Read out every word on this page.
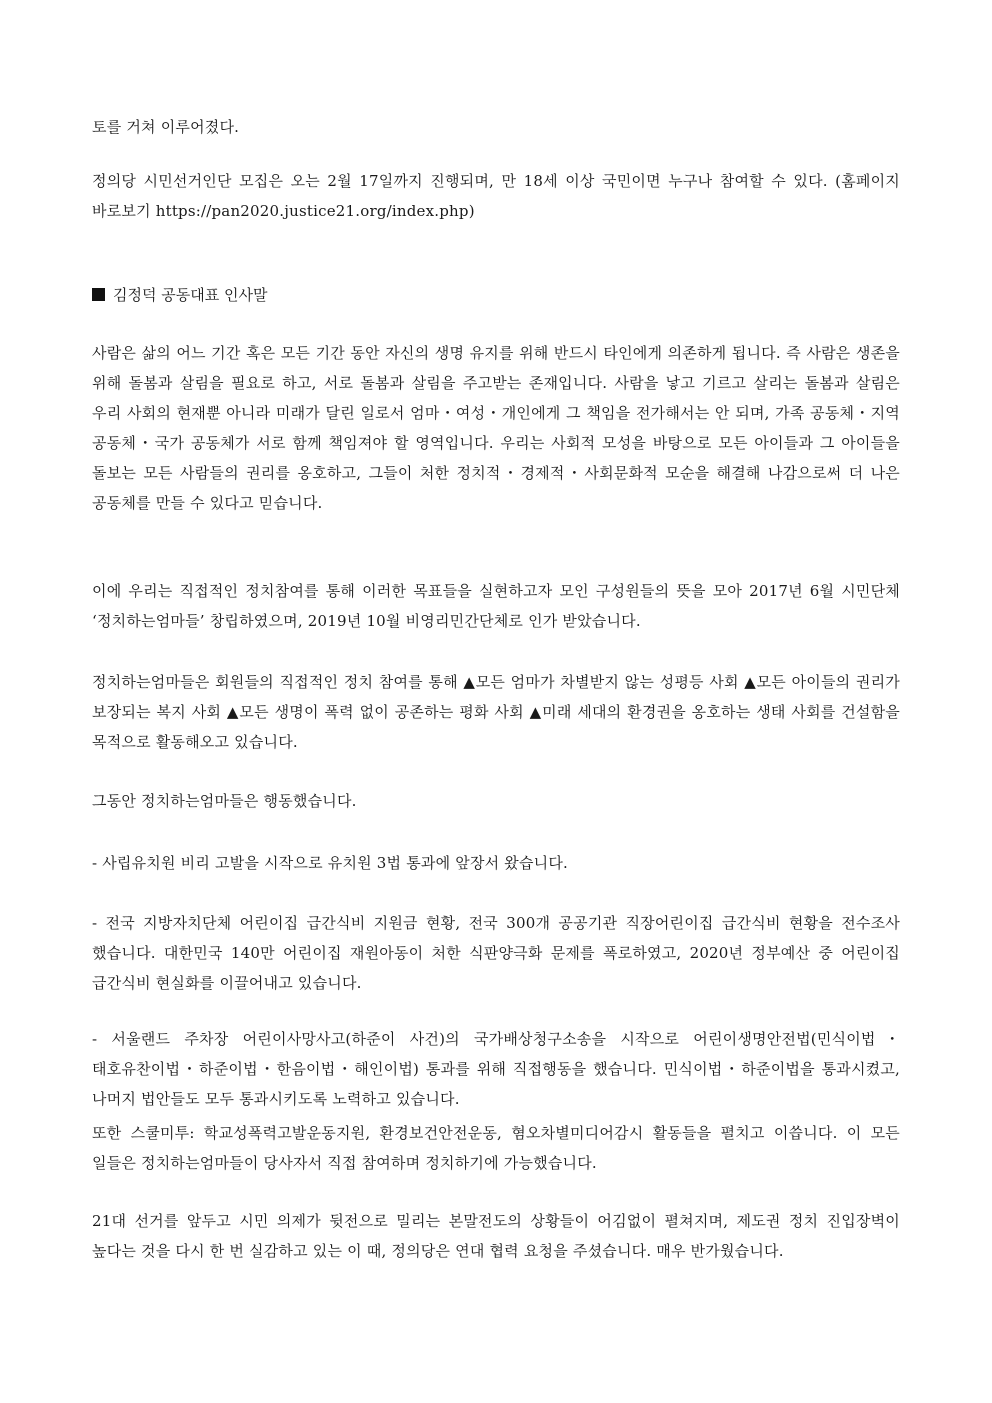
토를 거쳐 이루어졌다.

정의당 시민선거인단 모집은 오는 2월 17일까지 진행되며, 만 18세 이상 국민이면 누구나 참여할 수 있다. (홈페이지 바로보기 https://pan2020.justice21.org/index.php)

김정덕 공동대표 인사말

사람은 삶의 어느 기간 혹은 모든 기간 동안 자신의 생명 유지를 위해 반드시 타인에게 의존하게 됩니다. 즉 사람은 생존을 위해 돌봄과 살림을 필요로 하고, 서로 돌봄과 살림을 주고받는 존재입니다. 사람을 낳고 기르고 살리는 돌봄과 살림은 우리 사회의 현재뿐 아니라 미래가 달린 일로서 엄마・여성・개인에게 그 책임을 전가해서는 안 되며, 가족 공동체・지역 공동체・국가 공동체가 서로 함께 책임져야 할 영역입니다. 우리는 사회적 모성을 바탕으로 모든 아이들과 그 아이들을 돌보는 모든 사람들의 권리를 옹호하고, 그들이 처한 정치적・경제적・사회문화적 모순을 해결해 나감으로써 더 나은 공동체를 만들 수 있다고 믿습니다.

이에 우리는 직접적인 정치참여를 통해 이러한 목표들을 실현하고자 모인 구성원들의 뜻을 모아 2017년 6월 시민단체 ‘정치하는엄마들’ 창립하였으며, 2019년 10월 비영리민간단체로 인가 받았습니다.

정치하는엄마들은 회원들의 직접적인 정치 참여를 통해 ▲모든 엄마가 차별받지 않는 성평등 사회 ▲모든 아이들의 권리가 보장되는 복지 사회 ▲모든 생명이 폭력 없이 공존하는 평화 사회 ▲미래 세대의 환경권을 옹호하는 생태 사회를 건설함을 목적으로 활동해오고 있습니다.

그동안 정치하는엄마들은 행동했습니다.

- 사립유치원 비리 고발을 시작으로 유치원 3법 통과에 앞장서 왔습니다.

- 전국 지방자치단체 어린이집 급간식비 지원금 현황, 전국 300개 공공기관 직장어린이집 급간식비 현황을 전수조사 했습니다. 대한민국 140만 어린이집 재원아동이 처한 식판양극화 문제를 폭로하였고, 2020년 정부예산 중 어린이집 급간식비 현실화를 이끌어내고 있습니다.

- 서울랜드 주차장 어린이사망사고(하준이 사건)의 국가배상청구소송을 시작으로 어린이생명안전법(민식이법・태호유찬이법・하준이법・한음이법・해인이법) 통과를 위해 직접행동을 했습니다. 민식이법・하준이법을 통과시켰고, 나머지 법안들도 모두 통과시키도록 노력하고 있습니다.

또한 스쿨미투: 학교성폭력고발운동지원, 환경보건안전운동, 혐오차별미디어감시 활동들을 펼치고 이씁니다. 이 모든 일들은 정치하는엄마들이 당사자서 직접 참여하며 정치하기에 가능했습니다.

21대 선거를 앞두고 시민 의제가 뒷전으로 밀리는 본말전도의 상황들이 어김없이 펼쳐지며, 제도권 정치 진입장벽이 높다는 것을 다시 한 번 실감하고 있는 이 때, 정의당은 연대 협력 요청을 주셨습니다. 매우 반가웠습니다.
